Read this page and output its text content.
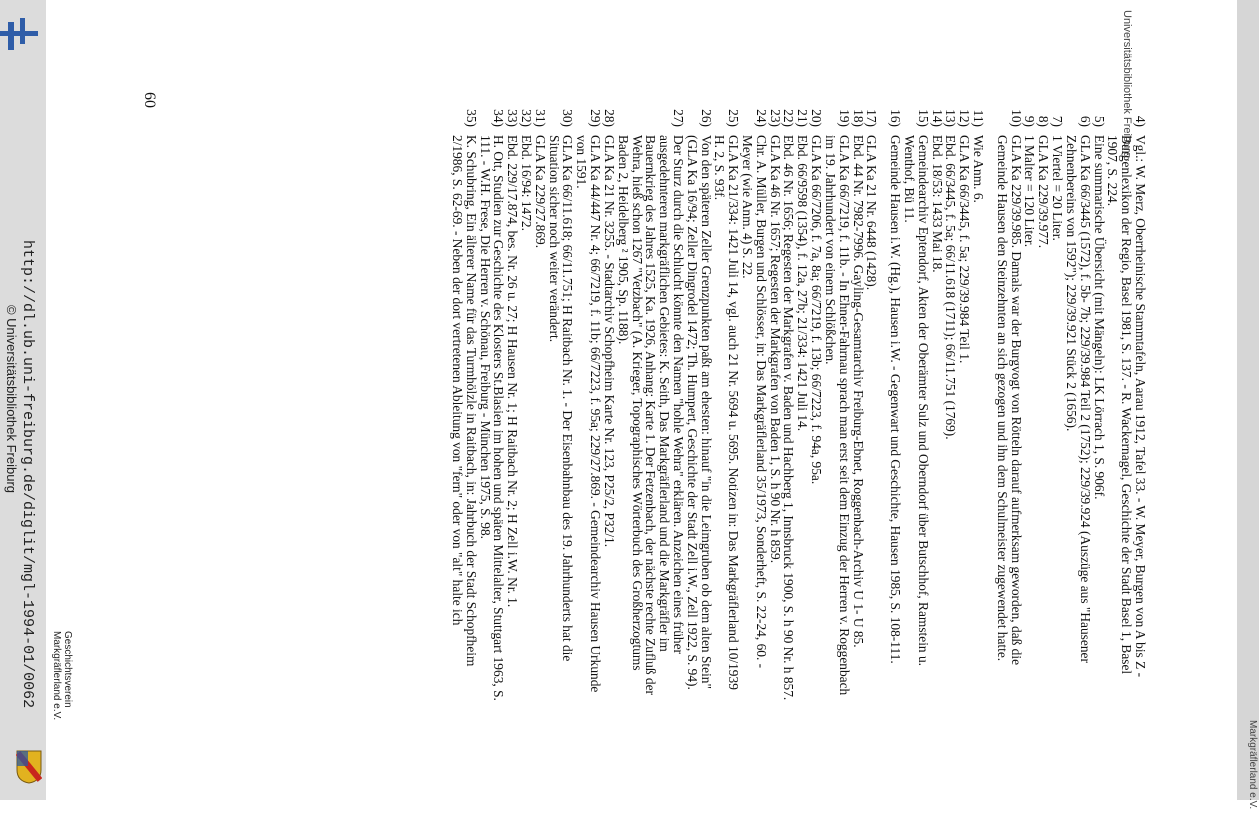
Universitätsbibliothek Freiburg
Markgräflerland e.V.
http://dl.ub.uni-freiburg.de/diglit/mgl-1994-01/0062
© Universitätsbibliothek Freiburg
Geschichtsverein
Markgräflerland e.V.
60
4)
Vgl.: W. Merz, Oberrheinische Stammtafeln, Aarau 1912, Tafel 33. - W. Meyer, Burgen von A bis Z - Burgenlexikon der Regio, Basel 1981, S. 137. - R. Wackernagel, Geschichte der Stadt Basel 1, Basel 1907, S. 224.
5)
Eine summarische Übersicht (mit Mängeln): LK Lörrach 1, S. 906f.
6)
GLA Ka 66/3445 (1572), f. 5b- 7b; 229/39.984 Teil 2 (1752); 229/39.924 (Auszüge aus "Hausener Zehnenbereins von 1592"); 229/39.921 Stück 2 (1656).
7)
1 Viertel = 20 Liter.
8)
GLA Ka 229/39.977.
9)
1 Malter = 120 Liter.
10)
GLA Ka 229/39.985. Damals war der Burgvogt von Rötteln darauf aufmerksam geworden, daß die Gemeinde Hausen den Steinzehnten an sich gezogen und ihn dem Schulmeister zugewendet hatte.
11)
Wie Anm. 6.
12)
GLA Ka 66/3445, f. 5a; 229/39.984 Teil 1.
13)
Ebd. 66/3445, f. 5a; 66/11.618 (1711); 66/11.751 (1769).
14)
Ebd. 18/53: 1433 Mai 18.
15)
Gemeindearchiv Eptendorf, Akten der Oberämter Sulz und Oberndorf über Butschhof, Ramstein u. Wenthof, Bü 11.
16)
Gemeinde Hausen i.W. (Hg.), Hausen i.W. - Gegenwart und Geschichte, Hausen 1985, S. 108-111.
17)
GLA Ka 21 Nr. 6448 (1428).
18)
Ebd. 44 Nr. 7982-7996. Gayling-Gesamtarchiv Freiburg-Ebnet, Roggenbach-Archiv U 1- U 85.
19)
GLA Ka 66/7219, f. 11b. - In Ehner-Fahrnau sprach man erst seit dem Einzug der Herren v. Roggenbach im 19. Jahrhundert von einem Schlößchen.
20)
GLA Ka 66/7206, f. 7a, 8a; 66/7219, f. 13b; 66/7223, f. 94a, 95a.
21)
Ebd. 66/9598 (1354), f. 12a, 27b; 21/334: 1421 Juli 14.
22)
Ebd. 46 Nr. 1656; Regesten der Markgrafen v. Baden und Hachberg 1, Innsbruck 1900, S. h 90 Nr. h 857.
23)
GLA Ka 46 Nr. 1657; Regesten der Markgrafen von Baden 1, S. h 90 Nr. h 859.
24)
Chr. A. Müller, Burgen und Schlösser, in: Das Markgräflerland 35/1973, Sonderheft, S. 22-24, 60. - Meyer (wie Anm. 4) S. 22.
25)
GLA Ka 21/334: 1421 Juli 14, vgl. auch 21 Nr. 5694 u. 5695. Notizen in: Das Markgräflerland 10/1939 H. 2, S. 93f.
26)
Von den späteren Zeller Grenzpunkten paßt am ehesten: hinauf "in die Leimgruben ob dem alten Stein" (GLA Ka 16/94; Zeller Dingrodel 1472; Th. Humpert, Geschichte der Stadt Zell i.W., Zell 1922, S. 94).
27)
Der Sturz durch die Schlucht könnte den Namen "hohle Wehra" erklären. Anzeichen eines früher ausgedehnteren markgräflichen Gebietes: K. Seith, Das Markgräflerland und die Markgräfler im Bauernkrieg des Jahres 1525, Ka. 1926, Anhang: Karte 1. Der Fetzenbach, der nächste rechte Zufluß der Wehra, hieß schon 1267 "Vetzbach" (A. Krieger, Topographisches Wörterbuch des Großherzogtums Baden 2, Heidelberg ² 1905, Sp. 1188).
28)
GLA Ka 21 Nr. 3255. - Stadtarchiv Schopfheim Karte Nr. 123, P25/2, P32/1.
29)
GLA Ka 44/447 Nr. 4; 66/7219, f. 11b; 66/7223, f. 95a; 229/27.869. - Gemeindearchiv Hausen Urkunde von 1591.
30)
GLA Ka 66/11.618; 66/11.751; H Raitbach Nr. 1. - Der Eisenbahnbau des 19. Jahrhunderts hat die Situation sicher noch weiter verändert.
31)
GLA Ka 229/27.869.
32)
Ebd. 16/94: 1472.
33)
Ebd. 229/17.874, bes. Nr. 26 u. 27; H Hausen Nr. 1; H Raitbach Nr. 2; H Zell i.W. Nr. 1.
34)
H. Ott, Studien zur Geschichte des Klosters St.Blasien im hohen und späten Mittelalter, Stuttgart 1963, S. 111. - W.H. Frese, Die Herren v. Schönau, Freiburg - München 1975, S. 98.
35)
K. Schubring, Ein älterer Name für das Turmhölzle in Raitbach, in: Jahrbuch der Stadt Schopfheim 2/1986, S. 62-69. - Neben der dort vertretenen Ableitung von "fern" oder von "alt" halte ich
